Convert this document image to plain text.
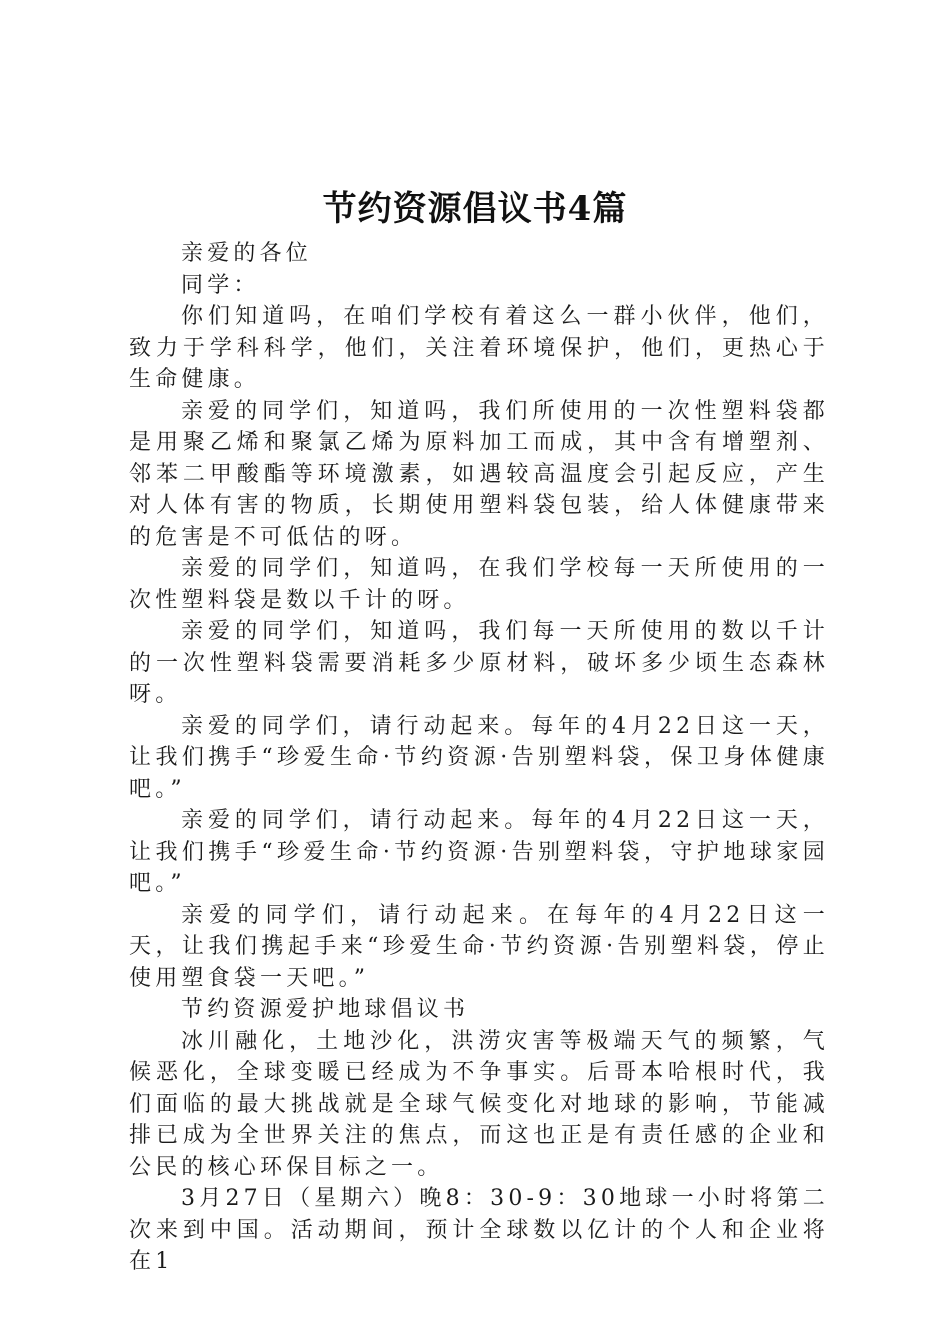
节约资源倡议书4篇

亲爱的各位

同学：

你们知道吗，在咱们学校有着这么一群小伙伴，他们，致力于学科科学，他们，关注着环境保护，他们，更热心于生命健康。

亲爱的同学们，知道吗，我们所使用的一次性塑料袋都是用聚乙烯和聚氯乙烯为原料加工而成，其中含有增塑剂、邻苯二甲酸酯等环境激素，如遇较高温度会引起反应，产生对人体有害的物质，长期使用塑料袋包装，给人体健康带来的危害是不可低估的呀。

亲爱的同学们，知道吗，在我们学校每一天所使用的一次性塑料袋是数以千计的呀。

亲爱的同学们，知道吗，我们每一天所使用的数以千计的一次性塑料袋需要消耗多少原材料，破坏多少顷生态森林呀。

亲爱的同学们，请行动起来。每年的4月22日这一天，让我们携手“珍爱生命·节约资源·告别塑料袋，保卫身体健康吧。”

亲爱的同学们，请行动起来。每年的4月22日这一天，让我们携手“珍爱生命·节约资源·告别塑料袋，守护地球家园吧。”

亲爱的同学们，请行动起来。在每年的4月22日这一天，让我们携起手来“珍爱生命·节约资源·告别塑料袋，停止使用塑食袋一天吧。”

节约资源爱护地球倡议书

冰川融化，土地沙化，洪涝灾害等极端天气的频繁，气候恶化，全球变暖已经成为不争事实。后哥本哈根时代，我们面临的最大挑战就是全球气候变化对地球的影响，节能减排已成为全世界关注的焦点，而这也正是有责任感的企业和公民的核心环保目标之一。

3月27日（星期六）晚8：30-9：30地球一小时将第二次来到中国。活动期间，预计全球数以亿计的个人和企业将在1
